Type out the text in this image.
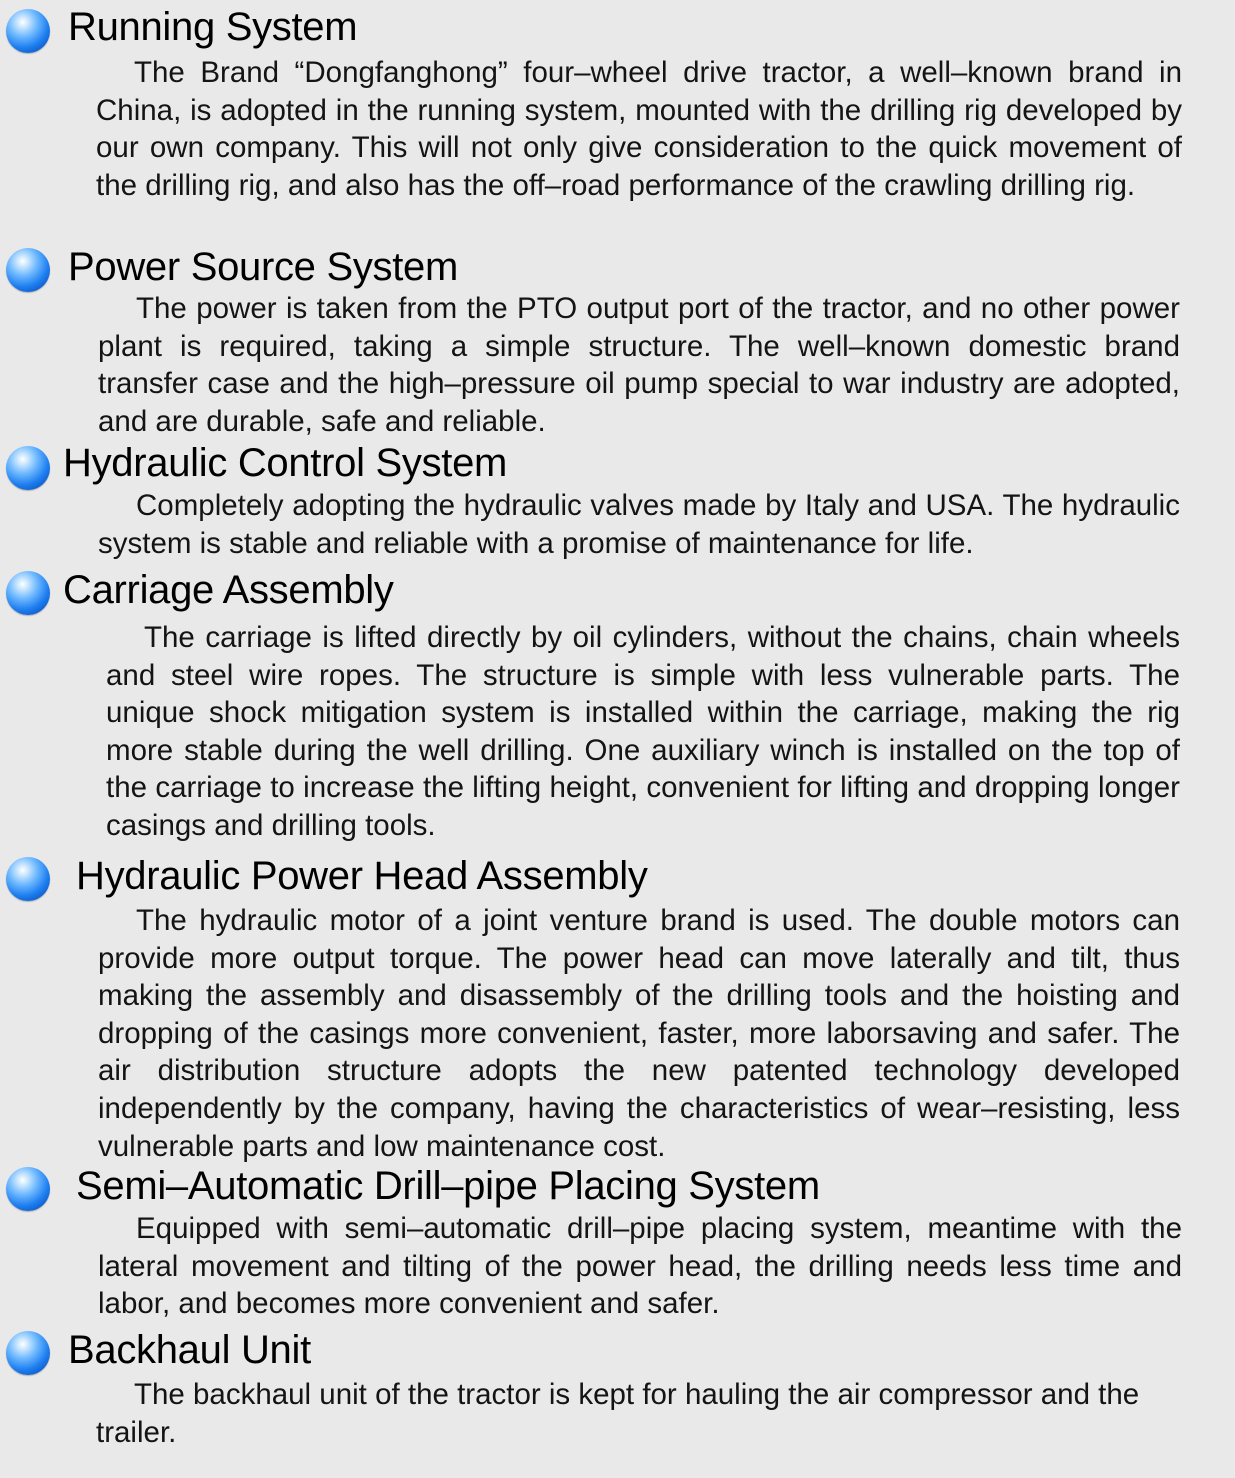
Running System
The Brand “Dongfanghong” four–wheel drive tractor, a well–known brand in China, is adopted in the running system, mounted with the drilling rig developed by our own company. This will not only give consideration to the quick movement of the drilling rig, and also has the off–road performance of the crawling drilling rig.
Power Source System
The power is taken from the PTO output port of the tractor, and no other power plant is required, taking a simple structure. The well–known domestic brand transfer case and the high–pressure oil pump special to war industry are adopted, and are durable, safe and reliable.
Hydraulic Control System
Completely adopting the hydraulic valves made by Italy and USA. The hydraulic system is stable and reliable with a promise of maintenance for life.
Carriage Assembly
The carriage is lifted directly by oil cylinders, without the chains, chain wheels and steel wire ropes. The structure is simple with less vulnerable parts. The unique shock mitigation system is installed within the carriage, making the rig more stable during the well drilling. One auxiliary winch is installed on the top of the carriage to increase the lifting height, convenient for lifting and dropping longer casings and drilling tools.
Hydraulic Power Head Assembly
The hydraulic motor of a joint venture brand is used. The double motors can provide more output torque. The power head can move laterally and tilt, thus making the assembly and disassembly of the drilling tools and the hoisting and dropping of the casings more convenient, faster, more laborsaving and safer. The air distribution structure adopts the new patented technology developed independently by the company, having the characteristics of wear–resisting, less vulnerable parts and low maintenance cost.
Semi–Automatic Drill–pipe Placing System
Equipped with semi–automatic drill–pipe placing system, meantime with the lateral movement and tilting of the power head, the drilling needs less time and labor, and becomes more convenient and safer.
Backhaul Unit
The backhaul unit of the tractor is kept for hauling the air compressor and the trailer.
